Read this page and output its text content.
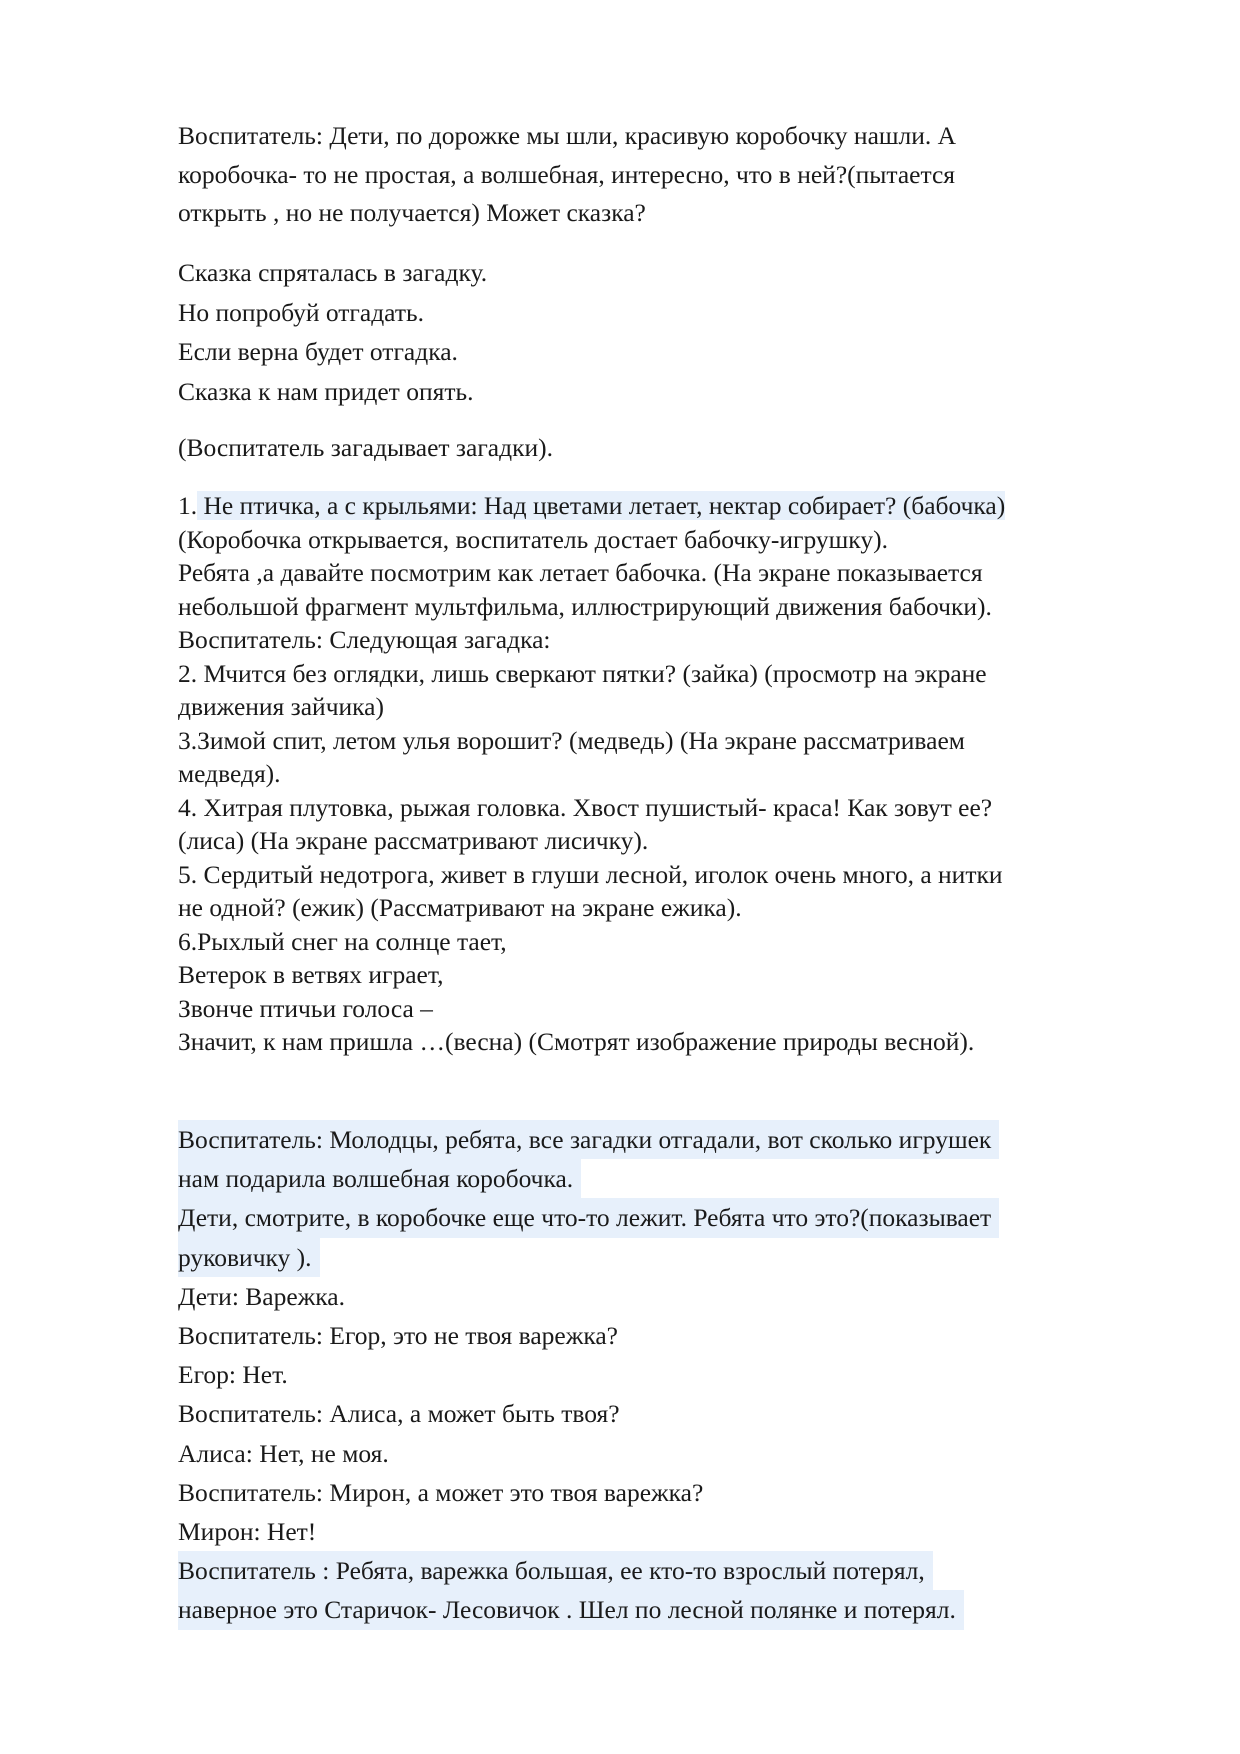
Воспитатель: Дети, по дорожке мы шли, красивую коробочку нашли. А
коробочка- то не простая, а волшебная, интересно, что в ней?(пытается
открыть , но не получается) Может сказка?
Сказка спряталась в загадку.
Но попробуй отгадать.
Если верна будет отгадка.
Сказка к нам придет опять.
(Воспитатель загадывает загадки).
1. Не птичка, а с крыльями: Над цветами летает, нектар собирает? (бабочка)
(Коробочка открывается, воспитатель достает бабочку-игрушку).
Ребята ,а давайте посмотрим как летает бабочка. (На экране показывается
небольшой фрагмент мультфильма, иллюстрирующий движения бабочки).
Воспитатель: Следующая загадка:
2. Мчится без оглядки, лишь сверкают пятки? (зайка) (просмотр на экране
движения зайчика)
3.Зимой спит, летом улья ворошит? (медведь) (На экране рассматриваем
медведя).
4. Хитрая плутовка, рыжая головка. Хвост пушистый- краса! Как зовут ее?
(лиса) (На экране рассматривают лисичку).
5. Сердитый недотрога, живет в глуши лесной, иголок очень много, а нитки
не одной? (ежик) (Рассматривают на экране ежика).
6.Рыхлый снег на солнце тает,
Ветерок в ветвях играет,
Звонче птичьи голоса –
Значит, к нам пришла …(весна) (Смотрят изображение природы весной).
Воспитатель: Молодцы, ребята, все загадки отгадали, вот сколько игрушек
нам подарила волшебная коробочка.
Дети, смотрите, в коробочке еще что-то лежит. Ребята что это?(показывает
руковичку ).
Дети: Варежка.
Воспитатель: Егор, это не твоя варежка?
Егор: Нет.
Воспитатель: Алиса, а может быть твоя?
Алиса: Нет, не моя.
Воспитатель: Мирон, а может это твоя варежка?
Мирон: Нет!
Воспитатель : Ребята, варежка большая, ее кто-то взрослый потерял,
наверное это Старичок- Лесовичок . Шел по лесной полянке и потерял.
